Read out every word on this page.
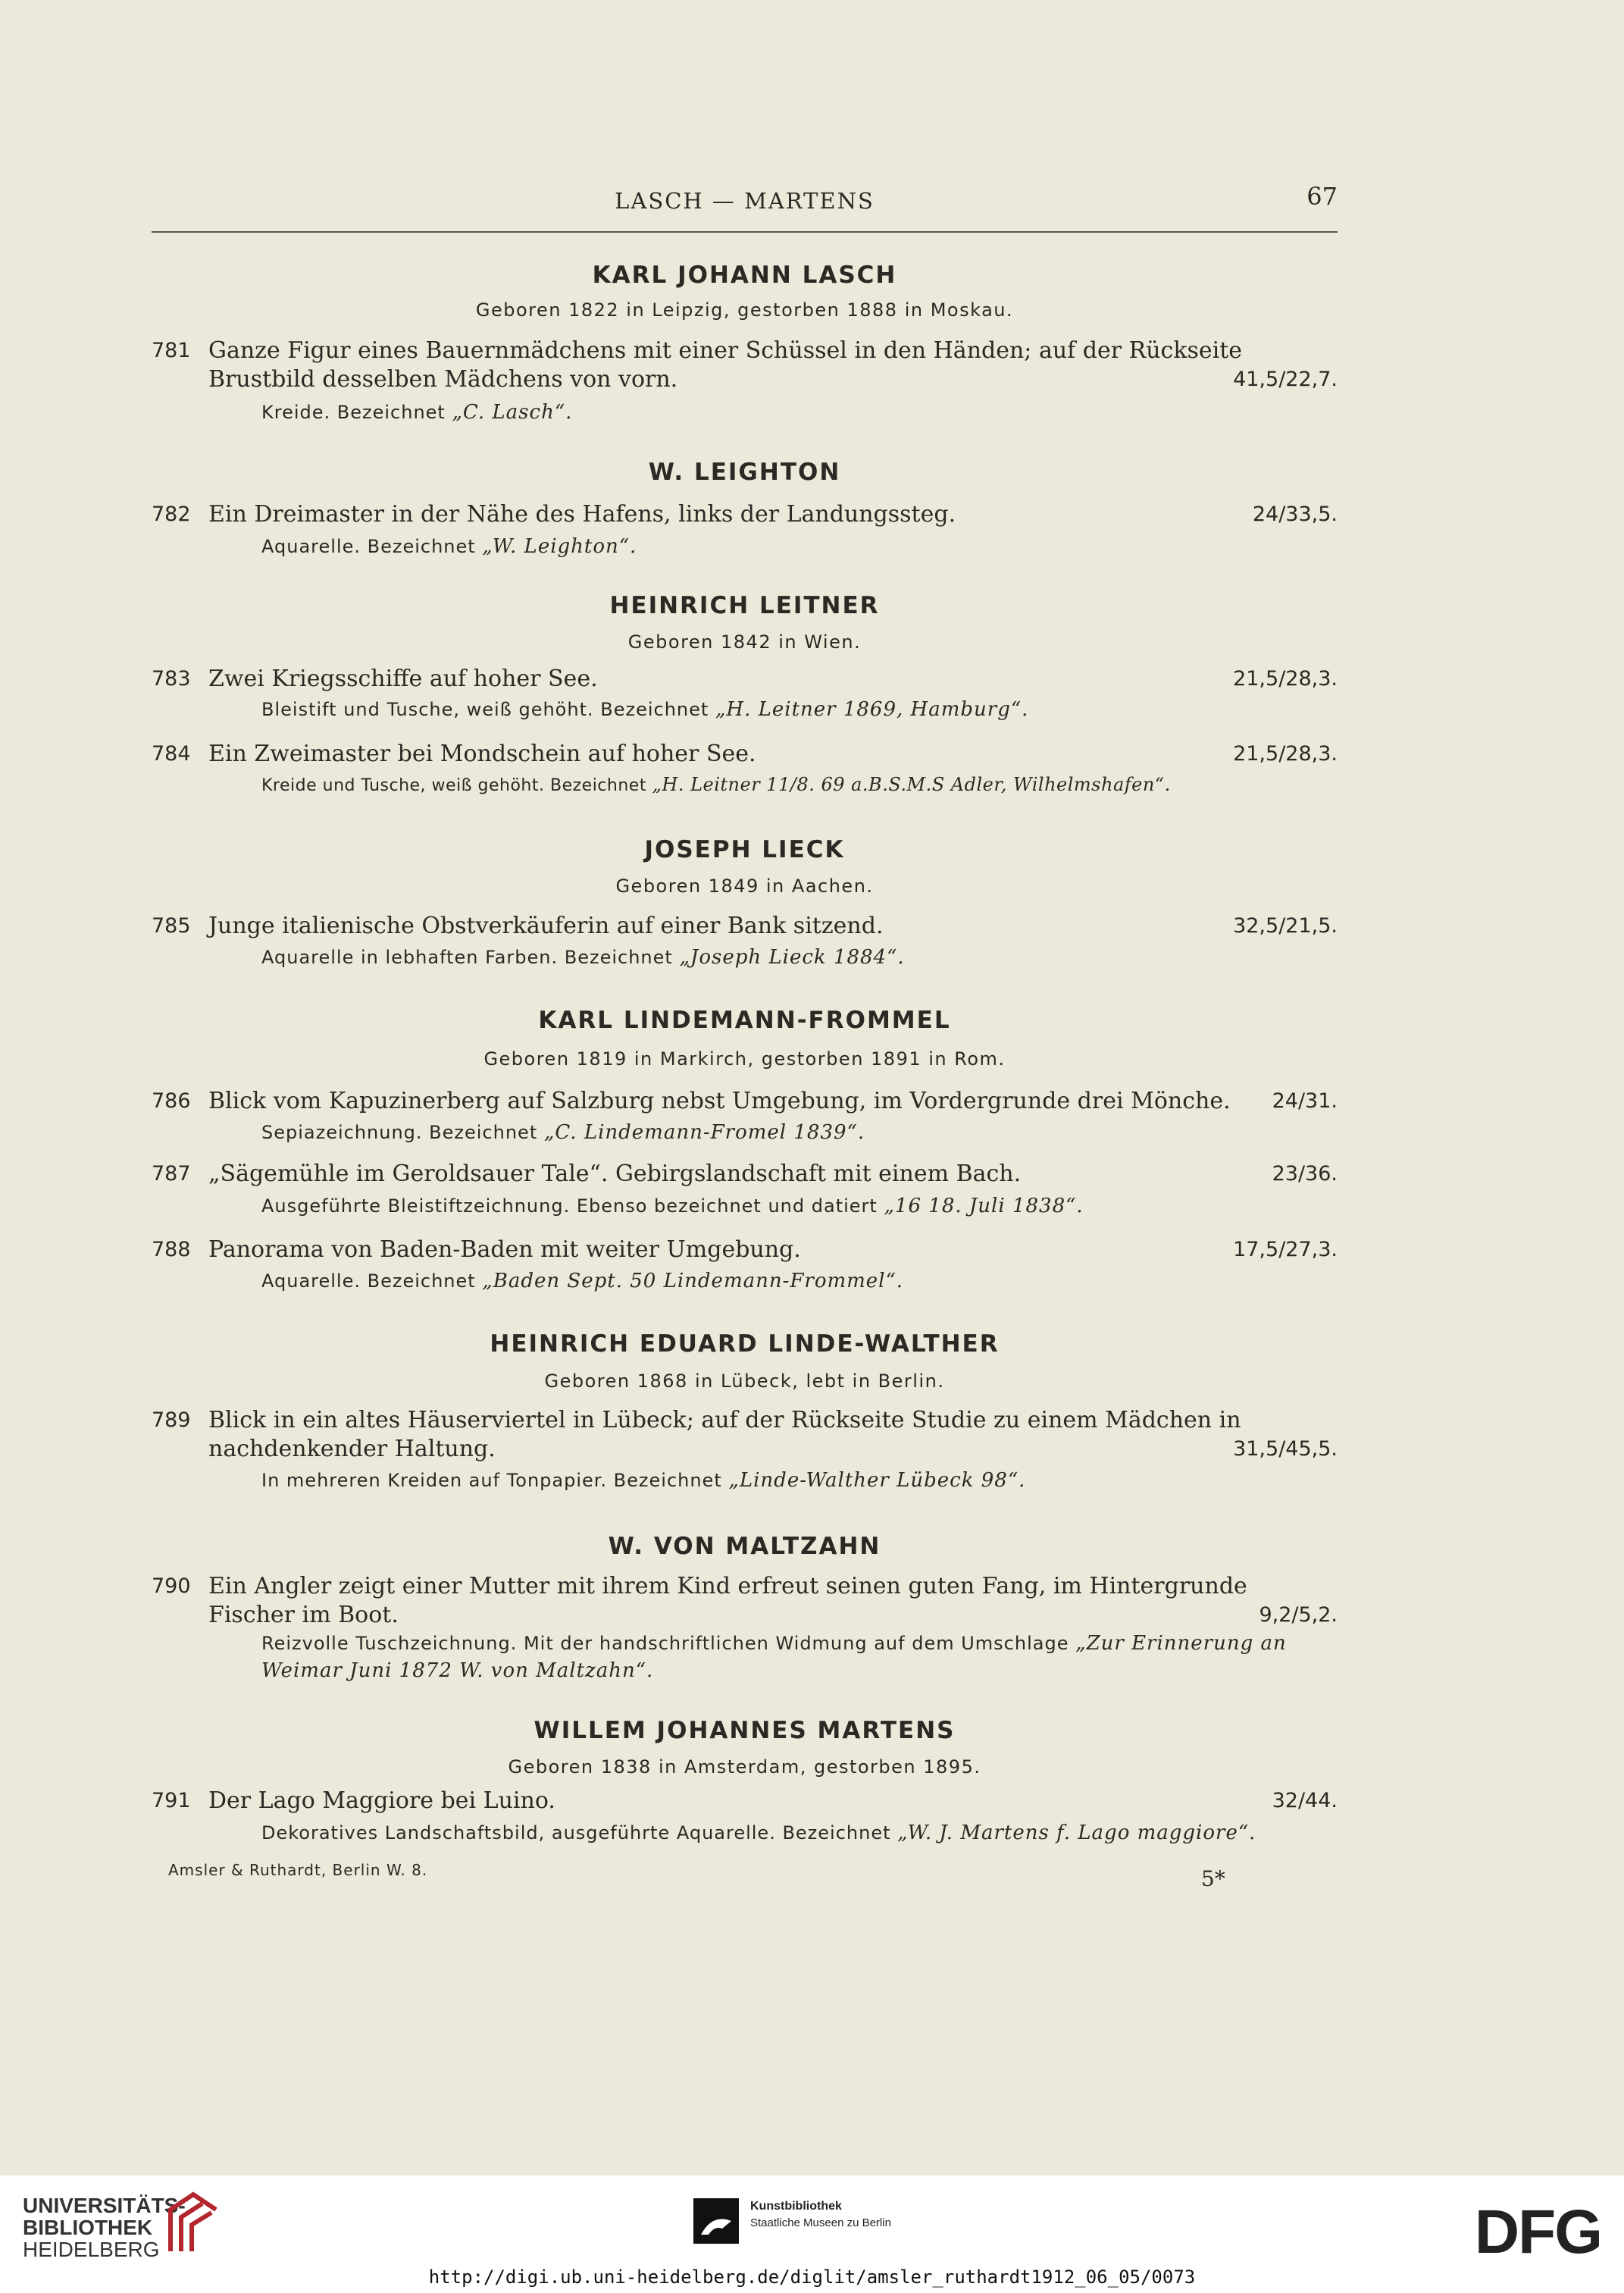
LASCH — MARTENS	67
KARL JOHANN LASCH
Geboren 1822 in Leipzig, gestorben 1888 in Moskau.
781 Ganze Figur eines Bauernmädchens mit einer Schüssel in den Händen; auf der Rückseite Brustbild desselben Mädchens von vorn.	41,5/22,7.
Kreide. Bezeichnet „C. Lasch“.
W. LEIGHTON
782 Ein Dreimaster in der Nähe des Hafens, links der Landungssteg.	24/33,5.
Aquarelle. Bezeichnet „W. Leighton“.
HEINRICH LEITNER
Geboren 1842 in Wien.
783 Zwei Kriegsschiffe auf hoher See.	21,5/28,3.
Bleistift und Tusche, weiß gehöht. Bezeichnet „H. Leitner 1869, Hamburg“.
784 Ein Zweimaster bei Mondschein auf hoher See.	21,5/28,3.
Kreide und Tusche, weiß gehöht. Bezeichnet „H. Leitner 11/8. 69 a.B.S.M.S Adler, Wilhelmshafen“.
JOSEPH LIECK
Geboren 1849 in Aachen.
785 Junge italienische Obstverkäuferin auf einer Bank sitzend.	32,5/21,5.
Aquarelle in lebhaften Farben. Bezeichnet „Joseph Lieck 1884“.
KARL LINDEMANN-FROMMEL
Geboren 1819 in Markirch, gestorben 1891 in Rom.
786 Blick vom Kapuzinerberg auf Salzburg nebst Umgebung, im Vordergrunde drei Mönche.	24/31.
Sepiazeichnung. Bezeichnet „C. Lindemann-Fromel 1839“.
787 „Sägemühle im Geroldsauer Tale“. Gebirgslandschaft mit einem Bach.	23/36.
Ausgeführte Bleistiftzeichnung. Ebenso bezeichnet und datiert „16 18. Juli 1838“.
788 Panorama von Baden-Baden mit weiter Umgebung.	17,5/27,3.
Aquarelle. Bezeichnet „Baden Sept. 50 Lindemann-Frommel“.
HEINRICH EDUARD LINDE-WALTHER
Geboren 1868 in Lübeck, lebt in Berlin.
789 Blick in ein altes Häuserviertel in Lübeck; auf der Rückseite Studie zu einem Mädchen in nachdenkender Haltung.	31,5/45,5.
In mehreren Kreiden auf Tonpapier. Bezeichnet „Linde-Walther Lübeck 98“.
W. VON MALTZAHN
790 Ein Angler zeigt einer Mutter mit ihrem Kind erfreut seinen guten Fang, im Hintergrunde Fischer im Boot.	9,2/5,2.
Reizvolle Tuschzeichnung. Mit der handschriftlichen Widmung auf dem Umschlage „Zur Erinnerung an Weimar Juni 1872 W. von Maltzahn“.
WILLEM JOHANNES MARTENS
Geboren 1838 in Amsterdam, gestorben 1895.
791 Der Lago Maggiore bei Luino.	32/44.
Dekoratives Landschaftsbild, ausgeführte Aquarelle. Bezeichnet „W. J. Martens f. Lago maggiore“.
Amsler & Ruthardt, Berlin W. 8.	5*
UNIVERSITÄTS-
BIBLIOTHEK
HEIDELBERG
Kunstbibliothek
Staatliche Museen zu Berlin	DFG
http://digi.ub.uni-heidelberg.de/diglit/amsler_ruthardt1912_06_05/0073
